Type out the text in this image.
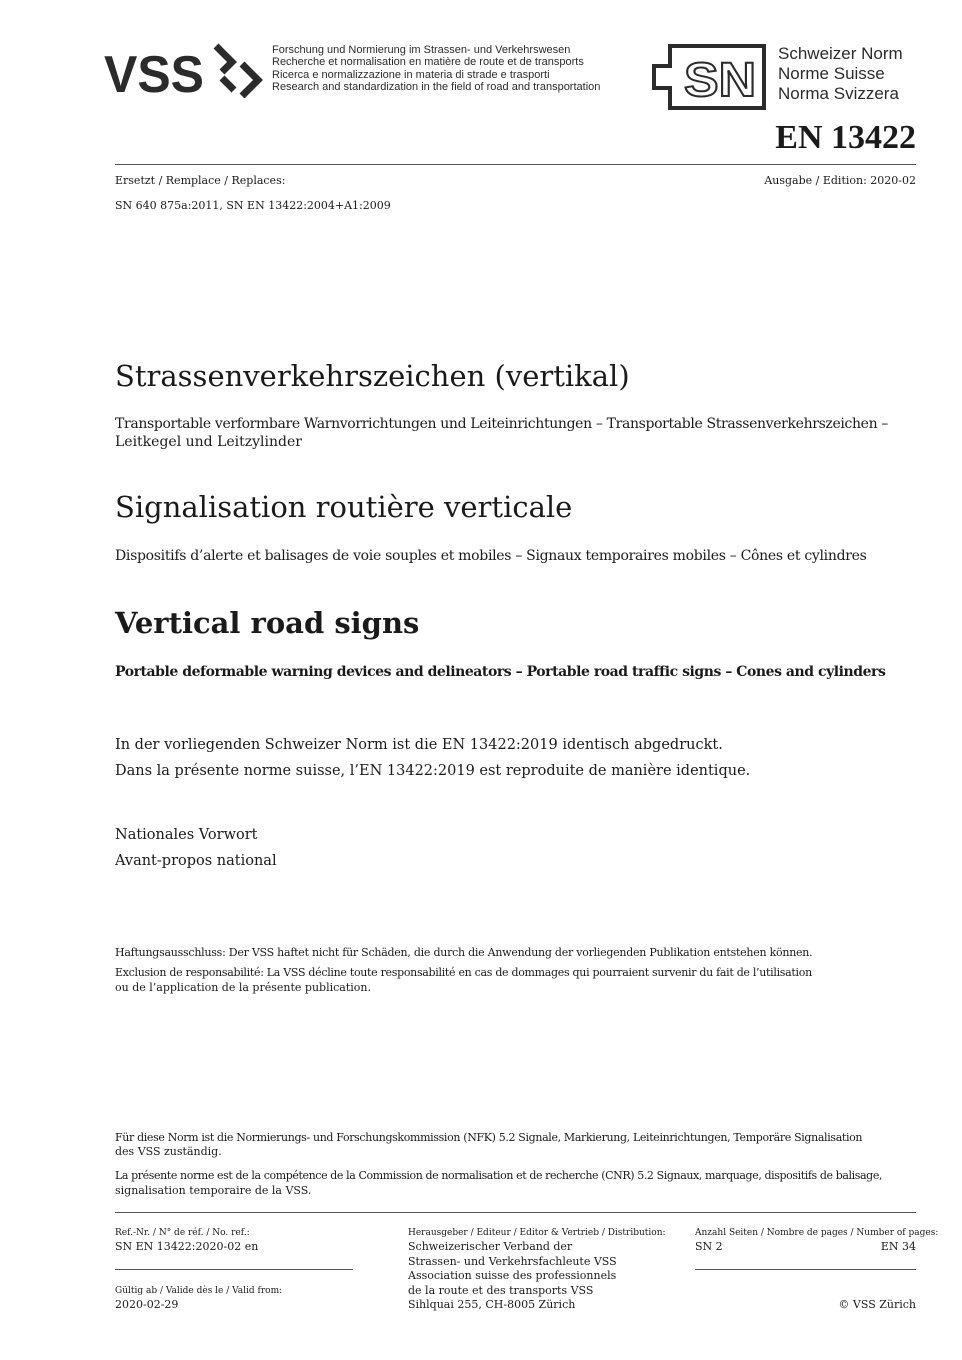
VSS	Forschung und Normierung im Strassen- und Verkehrswesen
Recherche et normalisation en matière de route et de transports
Ricerca e normalizzazione in materia di strade e trasporti
Research and standardization in the field of road and transportation SN
Schweizer Norm
Norme Suisse
Norma Svizzera
EN 13422
Ersetzt / Remplace / Replaces:	Ausgabe / Edition: 2020-02
SN 640 875a:2011, SN EN 13422:2004+A1:2009
Strassenverkehrszeichen (vertikal)
Transportable verformbare Warnvorrichtungen und Leiteinrichtungen – Transportable Strassenverkehrszeichen –
Leitkegel und Leitzylinder
Signalisation routière verticale
Dispositifs d’alerte et balisages de voie souples et mobiles – Signaux temporaires mobiles – Cônes et cylindres
Vertical road signs
Portable deformable warning devices and delineators – Portable road traffic signs – Cones and cylinders
In der vorliegenden Schweizer Norm ist die EN 13422:2019 identisch abgedruckt.
Dans la présente norme suisse, l’EN 13422:2019 est reproduite de manière identique.
Nationales Vorwort
Avant-propos national
Haftungsausschluss: Der VSS haftet nicht für Schäden, die durch die Anwendung der vorliegenden Publikation entstehen können.
Exclusion de responsabilité: La VSS décline toute responsabilité en cas de dommages qui pourraient survenir du fait de l’utilisation
ou de l’application de la présente publication.
Für diese Norm ist die Normierungs- und Forschungskommission (NFK) 5.2 Signale, Markierung, Leiteinrichtungen, Temporäre Signalisation
des VSS zuständig.
La présente norme est de la compétence de la Commission de normalisation et de recherche (CNR) 5.2 Signaux, marquage, dispositifs de balisage,
signalisation temporaire de la VSS.
Ref.-Nr. / N° de réf. / No. ref.:
SN EN 13422:2020-02 en
Gültig ab / Valide dès le / Valid from:
2020-02-29
Herausgeber / Editeur / Editor & Vertrieb / Distribution:
Schweizerischer Verband der
Strassen- und Verkehrsfachleute VSS
Association suisse des professionnels
de la route et des transports VSS
Sihlquai 255, CH-8005 Zürich
Anzahl Seiten / Nombre de pages / Number of pages:
SN 2	EN 34
© VSS Zürich
